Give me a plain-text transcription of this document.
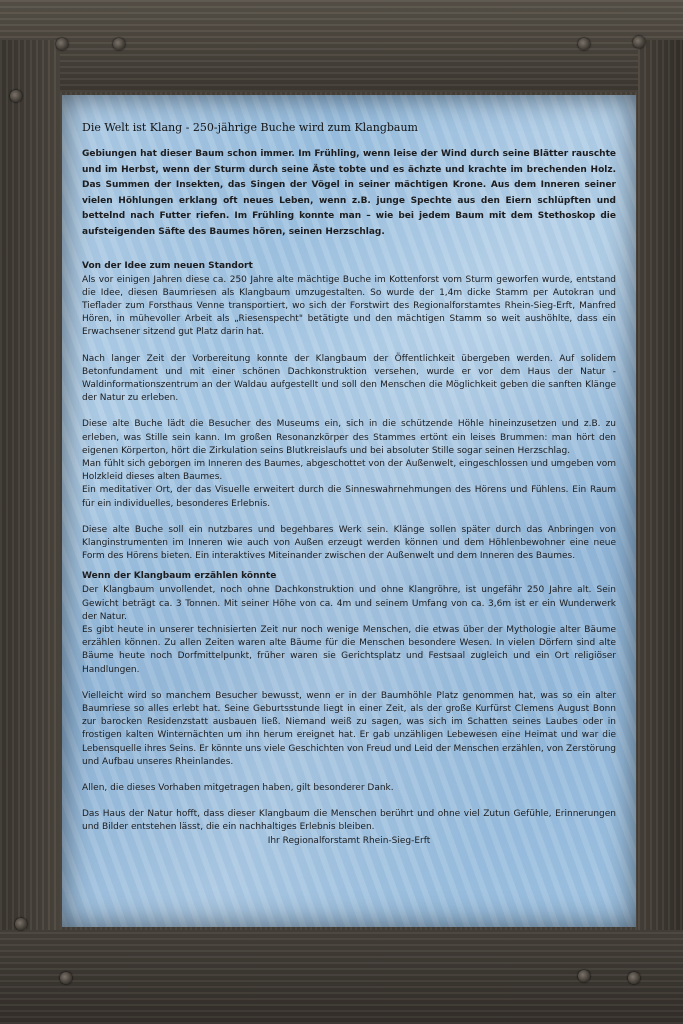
Die Welt ist Klang - 250-jährige Buche wird zum Klangbaum
Gebiungen hat dieser Baum schon immer. Im Frühling, wenn leise der Wind durch seine Blätter rauschte und im Herbst, wenn der Sturm durch seine Äste tobte und es ächzte und krachte im brechenden Holz. Das Summen der Insekten, das Singen der Vögel in seiner mächtigen Krone. Aus dem Inneren seiner vielen Höhlungen erklang oft neues Leben, wenn z.B. junge Spechte aus den Eiern schlüpften und bettelnd nach Futter riefen. Im Frühling konnte man – wie bei jedem Baum mit dem Stethoskop die aufsteigenden Säfte des Baumes hören, seinen Herzschlag.
Von der Idee zum neuen Standort

Als vor einigen Jahren diese ca. 250 Jahre alte mächtige Buche im Kottenforst vom Sturm geworfen wurde, entstand die Idee, diesen Baumriesen als Klangbaum umzugestalten. So wurde der 1,4m dicke Stamm per Autokran und Tieflader zum Forsthaus Venne transportiert, wo sich der Forstwirt des Regionalforstamtes Rhein-Sieg-Erft, Manfred Hören, in mühevoller Arbeit als „Riesenspecht" betätigte und den mächtigen Stamm so weit aushöhlte, dass ein Erwachsener sitzend gut Platz darin hat.

Nach langer Zeit der Vorbereitung konnte der Klangbaum der Öffentlichkeit übergeben werden. Auf solidem Betonfundament und mit einer schönen Dachkonstruktion versehen, wurde er vor dem Haus der Natur - Waldinformationszentrum an der Waldau aufgestellt und soll den Menschen die Möglichkeit geben die sanften Klänge der Natur zu erleben.

Diese alte Buche lädt die Besucher des Museums ein, sich in die schützende Höhle hineinzusetzen und z.B. zu erleben, was Stille sein kann. Im großen Resonanzkörper des Stammes ertönt ein leises Brummen: man hört den eigenen Körperton, hört die Zirkulation seins Blutkreislaufs und bei absoluter Stille sogar seinen Herzschlag.
Man fühlt sich geborgen im Inneren des Baumes, abgeschottet von der Außenwelt, eingeschlossen und umgeben vom Holzkleid dieses alten Baumes.
Ein meditativer Ort, der das Visuelle erweitert durch die Sinneswahrnehmungen des Hörens und Fühlens. Ein Raum für ein individuelles, besonderes Erlebnis.

Diese alte Buche soll ein nutzbares und begehbares Werk sein. Klänge sollen später durch das Anbringen von Klanginstrumenten im Inneren wie auch von Außen erzeugt werden können und dem Höhlenbewohner eine neue Form des Hörens bieten. Ein interaktives Miteinander zwischen der Außenwelt und dem Inneren des Baumes.

Wenn der Klangbaum erzählen könnte

Der Klangbaum unvollendet, noch ohne Dachkonstruktion und ohne Klangröhre, ist ungefähr 250 Jahre alt. Sein Gewicht beträgt ca. 3 Tonnen. Mit seiner Höhe von ca. 4m und seinem Umfang von ca. 3,6m ist er ein Wunderwerk der Natur.
Es gibt heute in unserer technisierten Zeit nur noch wenige Menschen, die etwas über der Mythologie alter Bäume erzählen können. Zu allen Zeiten waren alte Bäume für die Menschen besondere Wesen. In vielen Dörfern sind alte Bäume heute noch Dorfmittelpunkt, früher waren sie Gerichtsplatz und Festsaal zugleich und ein Ort religiöser Handlungen.

Vielleicht wird so manchem Besucher bewusst, wenn er in der Baumhöhle Platz genommen hat, was so ein alter Baumriese so alles erlebt hat. Seine Geburtsstunde liegt in einer Zeit, als der große Kurfürst Clemens August Bonn zur barocken Residenzstatt ausbauen ließ. Niemand weiß zu sagen, was sich im Schatten seines Laubes oder in frostigen kalten Winternächten um ihn herum ereignet hat. Er gab unzähligen Lebewesen eine Heimat und war die Lebensquelle ihres Seins. Er könnte uns viele Geschichten von Freud und Leid der Menschen erzählen, von Zerstörung und Aufbau unseres Rheinlandes.

Allen, die dieses Vorhaben mitgetragen haben, gilt besonderer Dank.

Das Haus der Natur hofft, dass dieser Klangbaum die Menschen berührt und ohne viel Zutun Gefühle, Erinnerungen und Bilder entstehen lässt, die ein nachhaltiges Erlebnis bleiben.

Ihr Regionalforstamt Rhein-Sieg-Erft
